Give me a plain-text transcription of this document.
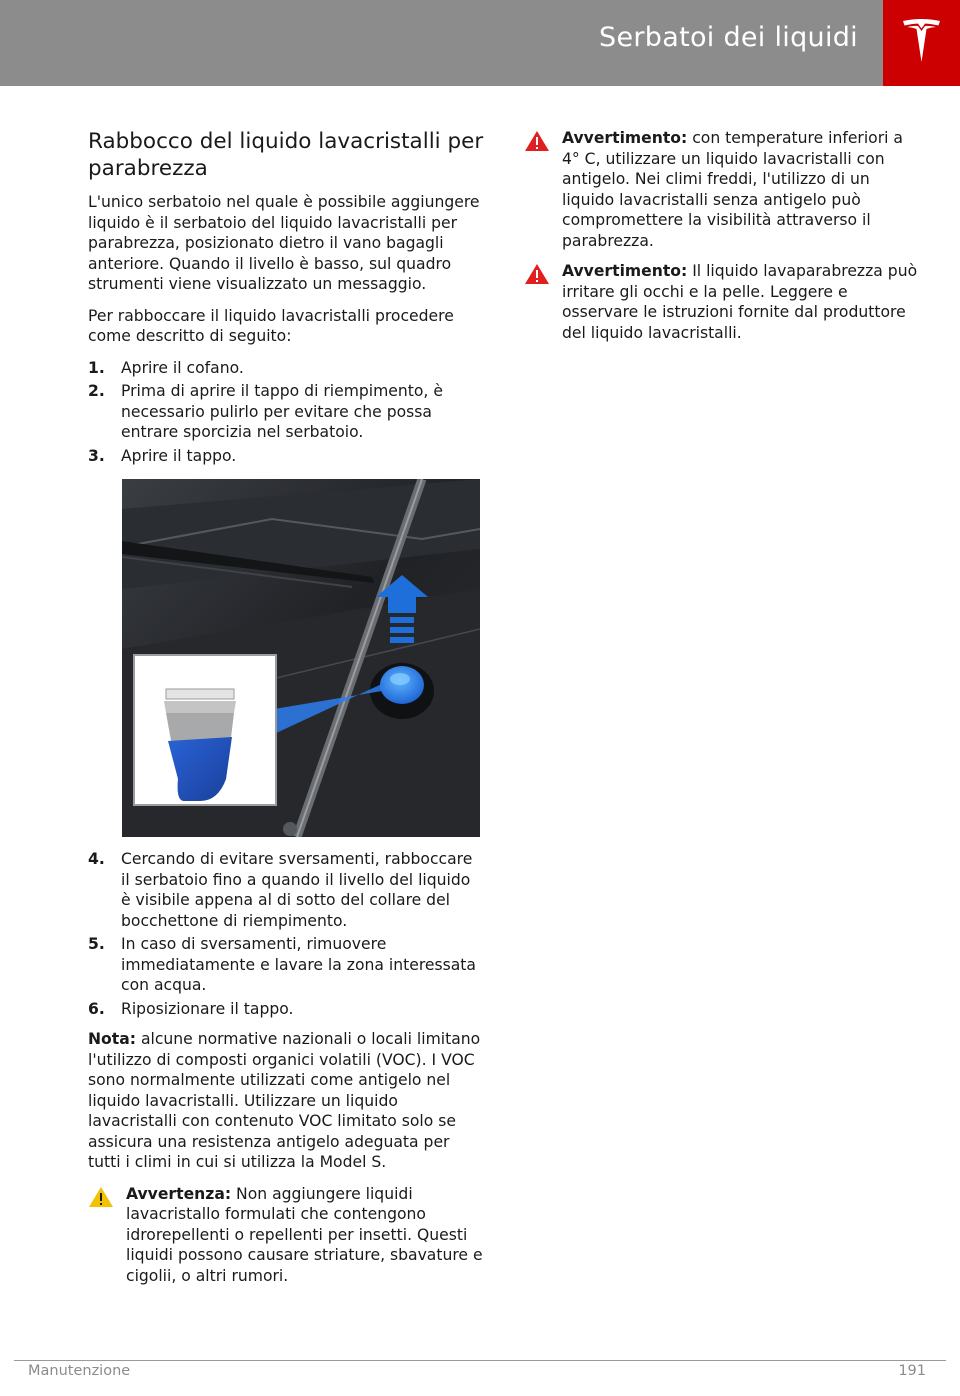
Serbatoi dei liquidi
Rabbocco del liquido lavacristalli per parabrezza

L'unico serbatoio nel quale è possibile aggiungere liquido è il serbatoio del liquido lavacristalli per parabrezza, posizionato dietro il vano bagagli anteriore. Quando il livello è basso, sul quadro strumenti viene visualizzato un messaggio.

Per rabboccare il liquido lavacristalli procedere come descritto di seguito:

1. Aprire il cofano.
2. Prima di aprire il tappo di riempimento, è necessario pulirlo per evitare che possa entrare sporcizia nel serbatoio.
3. Aprire il tappo.
4. Cercando di evitare sversamenti, rabboccare il serbatoio fino a quando il livello del liquido è visibile appena al di sotto del collare del bocchettone di riempimento.
5. In caso di sversamenti, rimuovere immediatamente e lavare la zona interessata con acqua.
6. Riposizionare il tappo.

Nota: alcune normative nazionali o locali limitano l'utilizzo di composti organici volatili (VOC). I VOC sono normalmente utilizzati come antigelo nel liquido lavacristalli. Utilizzare un liquido lavacristalli con contenuto VOC limitato solo se assicura una resistenza antigelo adeguata per tutti i climi in cui si utilizza la Model S.

Avvertenza: Non aggiungere liquidi lavacristallo formulati che contengono idrorepellenti o repellenti per insetti. Questi liquidi possono causare striature, sbavature e cigolii, o altri rumori.
Avvertimento: con temperature inferiori a 4° C, utilizzare un liquido lavacristalli con antigelo. Nei climi freddi, l'utilizzo di un liquido lavacristalli senza antigelo può compromettere la visibilità attraverso il parabrezza.
Avvertimento: Il liquido lavaparabrezza può irritare gli occhi e la pelle. Leggere e osservare le istruzioni fornite dal produttore del liquido lavacristalli.
Manutenzione	191
